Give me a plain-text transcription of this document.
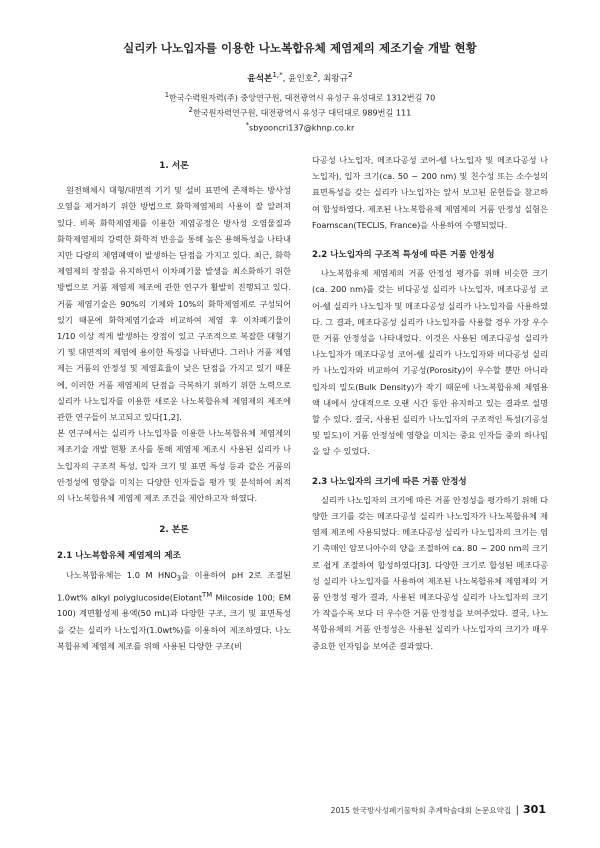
실리카 나노입자를 이용한 나노복합유체 제염제의 제조기술 개발 현황

윤석본$^{1,*}$, 윤인호$^2$, 최왕규$^2$

$^1$한국수력원자력(주) 중앙연구원, 대전광역시 유성구 유성대로 1312번길 70

$^2$한국원자력연구원, 대전광역시 유성구 대덕대로 989번길 111

*sbyooncri137@khnp.co.kr

1. 서론

원전해체시 대형/대면적 기기 및 설비 표면에 존재하는 방사성 오염을 제거하기 위한 방법으로 화학제염제의 사용이 잘 알려져 있다. 비록 화학제염제를 이용한 제염공정은 방사성 오염물질과 화학제염제의 강력한 화학적 반응을 통해 높은 용해특성을 나타내지만 다량의 제염폐액이 발생하는 단점을 가지고 있다. 최근, 화학제염제의 장점을 유지하면서 이차폐기물 발생을 최소화하기 위한 방법으로 거품 제염제 제조에 관한 연구가 활발히 진행되고 있다. 거품 제염기술은 90%의 기체와 10%의 화학제염제로 구성되어 있기 때문에 화학제염기술과 비교하여 제염 후 이차폐기물이 1/10 이상 적게 발생하는 장점이 있고 구조적으로 복잡한 대형기기 및 대면적의 제염에 용이한 특징을 나타낸다. 그러나 거품 제염제는 거품의 안정성 및 제염효율이 낮은 단점을 가지고 있기 때문에, 이러한 거품 제염제의 단점을 극복하기 위하기 위한 노력으로 실리카 나노입자를 이용한 새로운 나노복합유체 제염제의 제조에 관한 연구들이 보고되고 있다[1,2].

본 연구에서는 실리카 나노입자를 이용한 나노복합유체 제염제의 제조기술 개발 현황 조사를 통해 제염제 제조시 사용된 실리카 나노입자의 구조적 특성, 입자 크기 및 표면 특성 등과 같은 거품의 안정성에 영향을 미치는 다양한 인자들을 평가 및 분석하여 최적의 나노복합유체 제염제 제조 조건을 제안하고자 하였다.

2. 본론
2.1 나노복합유체 제염제의 제조

나노복합유체는 1.0 M $HNO_3$을 이용하여 pH 2로 조절된 1.0wt% alkyl polyglucoside(Elotant™ Milcoside 100; EM 100) 계면활성제 용액(50 mL)과 다양한 구조, 크기 및 표면특성을 갖는 실리카 나노입자(1.0wt%)를 이용하여 제조하였다. 나노복합유체 제염제 제조를 위해 사용된 다양한 구조(비

다공성 나노입자, 메조다공성 코어-쉘 나노입자 및 메조다공성 나노입자), 입자 크기(ca. 50 ~ 200 nm) 및 친수성 또는 소수성의 표면특성을 갖는 실리카 나노입자는 앞서 보고된 문헌들을 참고하여 합성하였다. 제조된 나노복합유체 제염제의 거품 안정성 실험은 Foamscan(TECLIS, France)을 사용하여 수행되었다.

2.2 나노입자의 구조적 특성에 따른 거품 안정성

나노복합유체 제염제의 거품 안정성 평가를 위해 비슷한 크기(ca. 200 nm)를 갖는 비다공성 실리카 나노입자, 메조다공성 코어-쉘 실리카 나노입자 및 메조다공성 실리카 나노입자를 사용하였다. 그 결과, 메조다공성 실리카 나노입자를 사용할 경우 가장 우수한 거품 안정성을 나타내었다. 이것은 사용된 메조다공성 실리카 나노입자가 메조다공성 코어-쉘 실리카 나노입자와 비다공성 실리카 나노입자와 비교하여 기공성(Porosity)이 우수할 뿐만 아니라 입자의 밀도(Bulk Density)가 작기 때문에 나노복합유체 제염용액 내에서 상대적으로 오랜 시간 동안 유지하고 있는 결과로 설명할 수 있다. 결국, 사용된 실리카 나노입자의 구조적인 특성(기공성 및 밀도)이 거품 안정성에 영향을 미치는 중요 인자들 중의 하나임을 알 수 있었다.

2.3 나노입자의 크기에 따른 거품 안정성

실리카 나노입자의 크기에 따른 거품 안정성을 평가하기 위해 다양한 크기를 갖는 메조다공성 실리카 나노입자가 나노복합유체 제염제 제조에 사용되었다. 메조다공성 실리카 나노입자의 크기는 염기 촉매인 암모니아수의 양을 조절하여 ca. 80 ~ 200 nm의 크기로 쉽게 조절하여 합성하였다[3]. 다양한 크기로 합성된 메조다공성 실리카 나노입자를 사용하여 제조된 나노복합유체 제염제의 거품 안정성 평가 결과, 사용된 메조다공성 실리카 나노입자의 크기가 작을수록 보다 더 우수한 거품 안정성을 보여주었다. 결국, 나노복합유체의 거품 안정성은 사용된 실리카 나노입자의 크기가 매우 중요한 인자임을 보여준 결과였다.

2015 한국방사성폐기물학회 추계학술대회 논문요약집 | 301
